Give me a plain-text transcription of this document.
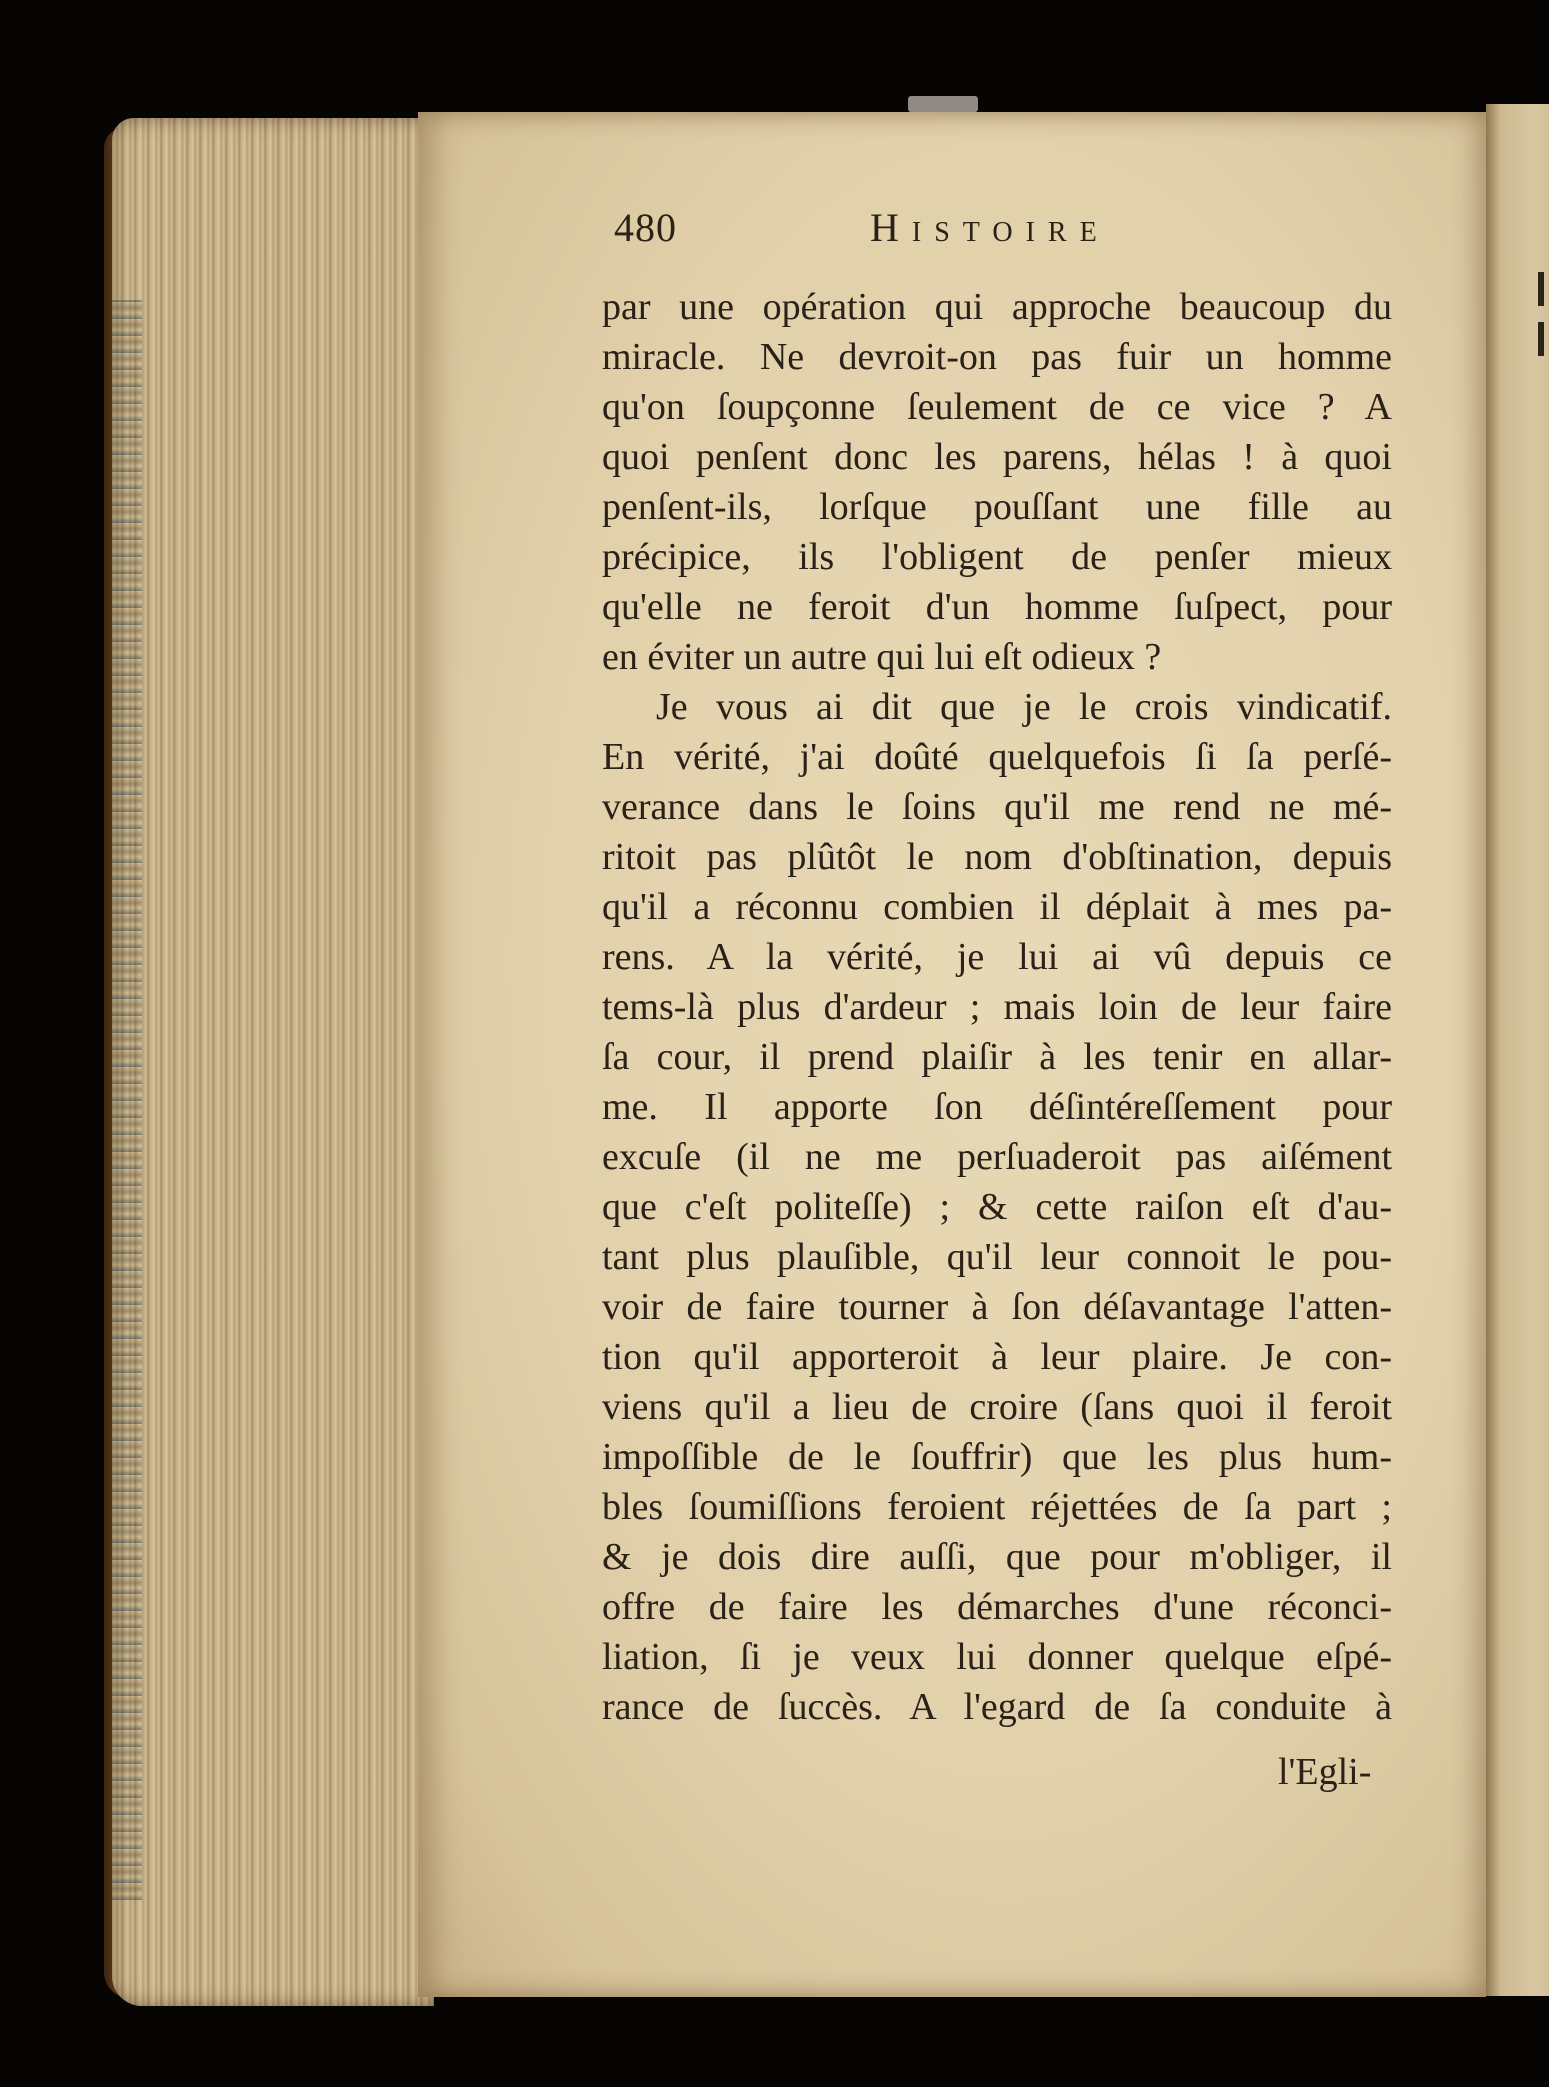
480	Histoire
par une opération qui approche beaucoup du
miracle. Ne devroit-on pas fuir un homme
qu'on ſoupçonne ſeulement de ce vice ? A
quoi penſent donc les parens, hélas ! à quoi
penſent-ils, lorſque pouſſant une fille au
précipice, ils l'obligent de penſer mieux
qu'elle ne feroit d'un homme ſuſpect, pour
en éviter un autre qui lui eſt odieux ?
Je vous ai dit que je le crois vindicatif.
En vérité, j'ai doûté quelquefois ſi ſa perſé-
verance dans le ſoins qu'il me rend ne mé-
ritoit pas plûtôt le nom d'obſtination, depuis
qu'il a réconnu combien il déplait à mes pa-
rens. A la vérité, je lui ai vû depuis ce
tems-là plus d'ardeur ; mais loin de leur faire
ſa cour, il prend plaiſir à les tenir en allar-
me. Il apporte ſon déſintéreſſement pour
excuſe (il ne me perſuaderoit pas aiſément
que c'eſt politeſſe) ; & cette raiſon eſt d'au-
tant plus plauſible, qu'il leur connoit le pou-
voir de faire tourner à ſon déſavantage l'atten-
tion qu'il apporteroit à leur plaire. Je con-
viens qu'il a lieu de croire (ſans quoi il feroit
impoſſible de le ſouffrir) que les plus hum-
bles ſoumiſſions feroient réjettées de ſa part ;
& je dois dire auſſi, que pour m'obliger, il
offre de faire les démarches d'une réconci-
liation, ſi je veux lui donner quelque eſpé-
rance de ſuccès. A l'egard de ſa conduite à
l'Egli-
